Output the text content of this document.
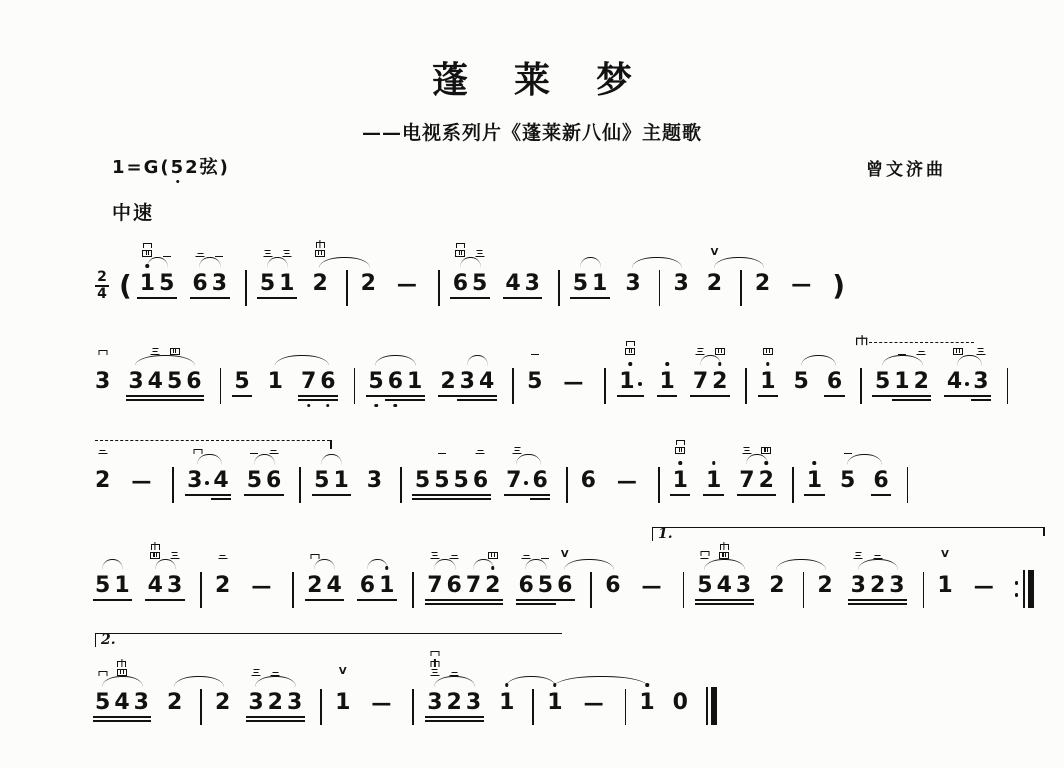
蓬莱梦
——电视系列片《蓬莱新八仙》主题歌
1=G(52弦)	曾文济曲
中速
2
4 ( 1 5 6 3 5 1 2 2 — 6 5 4 3 5 1 3 3 2
V
2 — )
3 3 4 5 6 5 1 7 6 5 6 1 2 3 4 5 — 1 1 7 2 1 5 6 5 1 2 4 3
2 — 3 4 5 6 5 1 3 5 5 5 6 7 6 6 — 1 1 7 2 1 5 6
5 1 4 3 2 — 2 4 6 1 7 6 7 2 6 5 6
V
6 — 5 4 3 2 2 3 2 3 1
V
—
5 4 3 2 2 3 2 3 1
V
— 3 2 3 1 1 — 1 0
1.
2.
